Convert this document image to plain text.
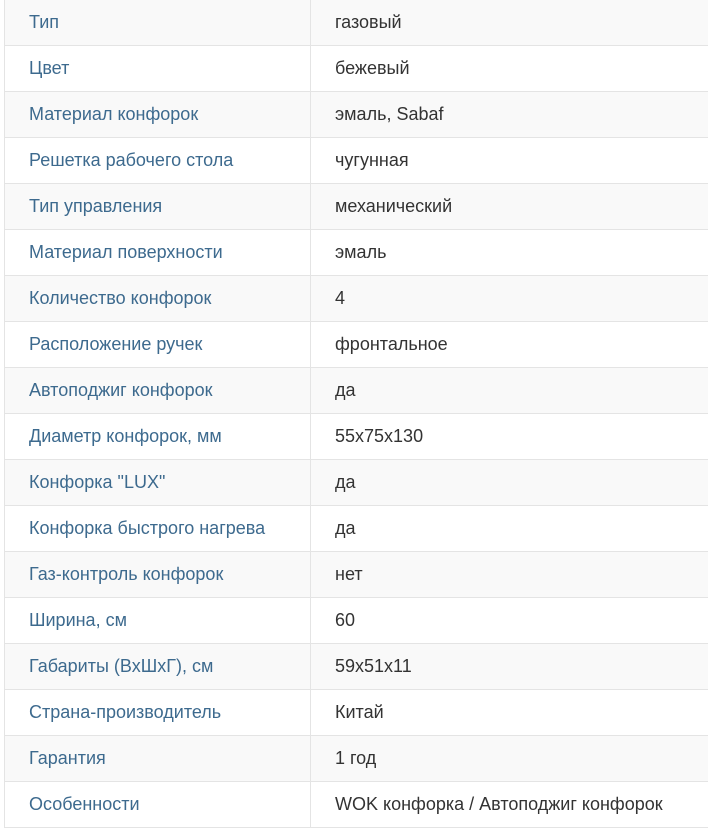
Тип	газовый
Цвет	бежевый
Материал конфорок	эмаль, Sabaf
Решетка рабочего стола	чугунная
Тип управления	механический
Материал поверхности	эмаль
Количество конфорок	4
Расположение ручек	фронтальное
Автоподжиг конфорок	да
Диаметр конфорок, мм	55x75x130
Конфорка "LUX"	да
Конфорка быстрого нагрева	да
Газ-контроль конфорок	нет
Ширина, см	60
Габариты (ВхШхГ), см	59x51x11
Страна-производитель	Китай
Гарантия	1 год
Особенности	WOK конфорка / Автоподжиг конфорок
